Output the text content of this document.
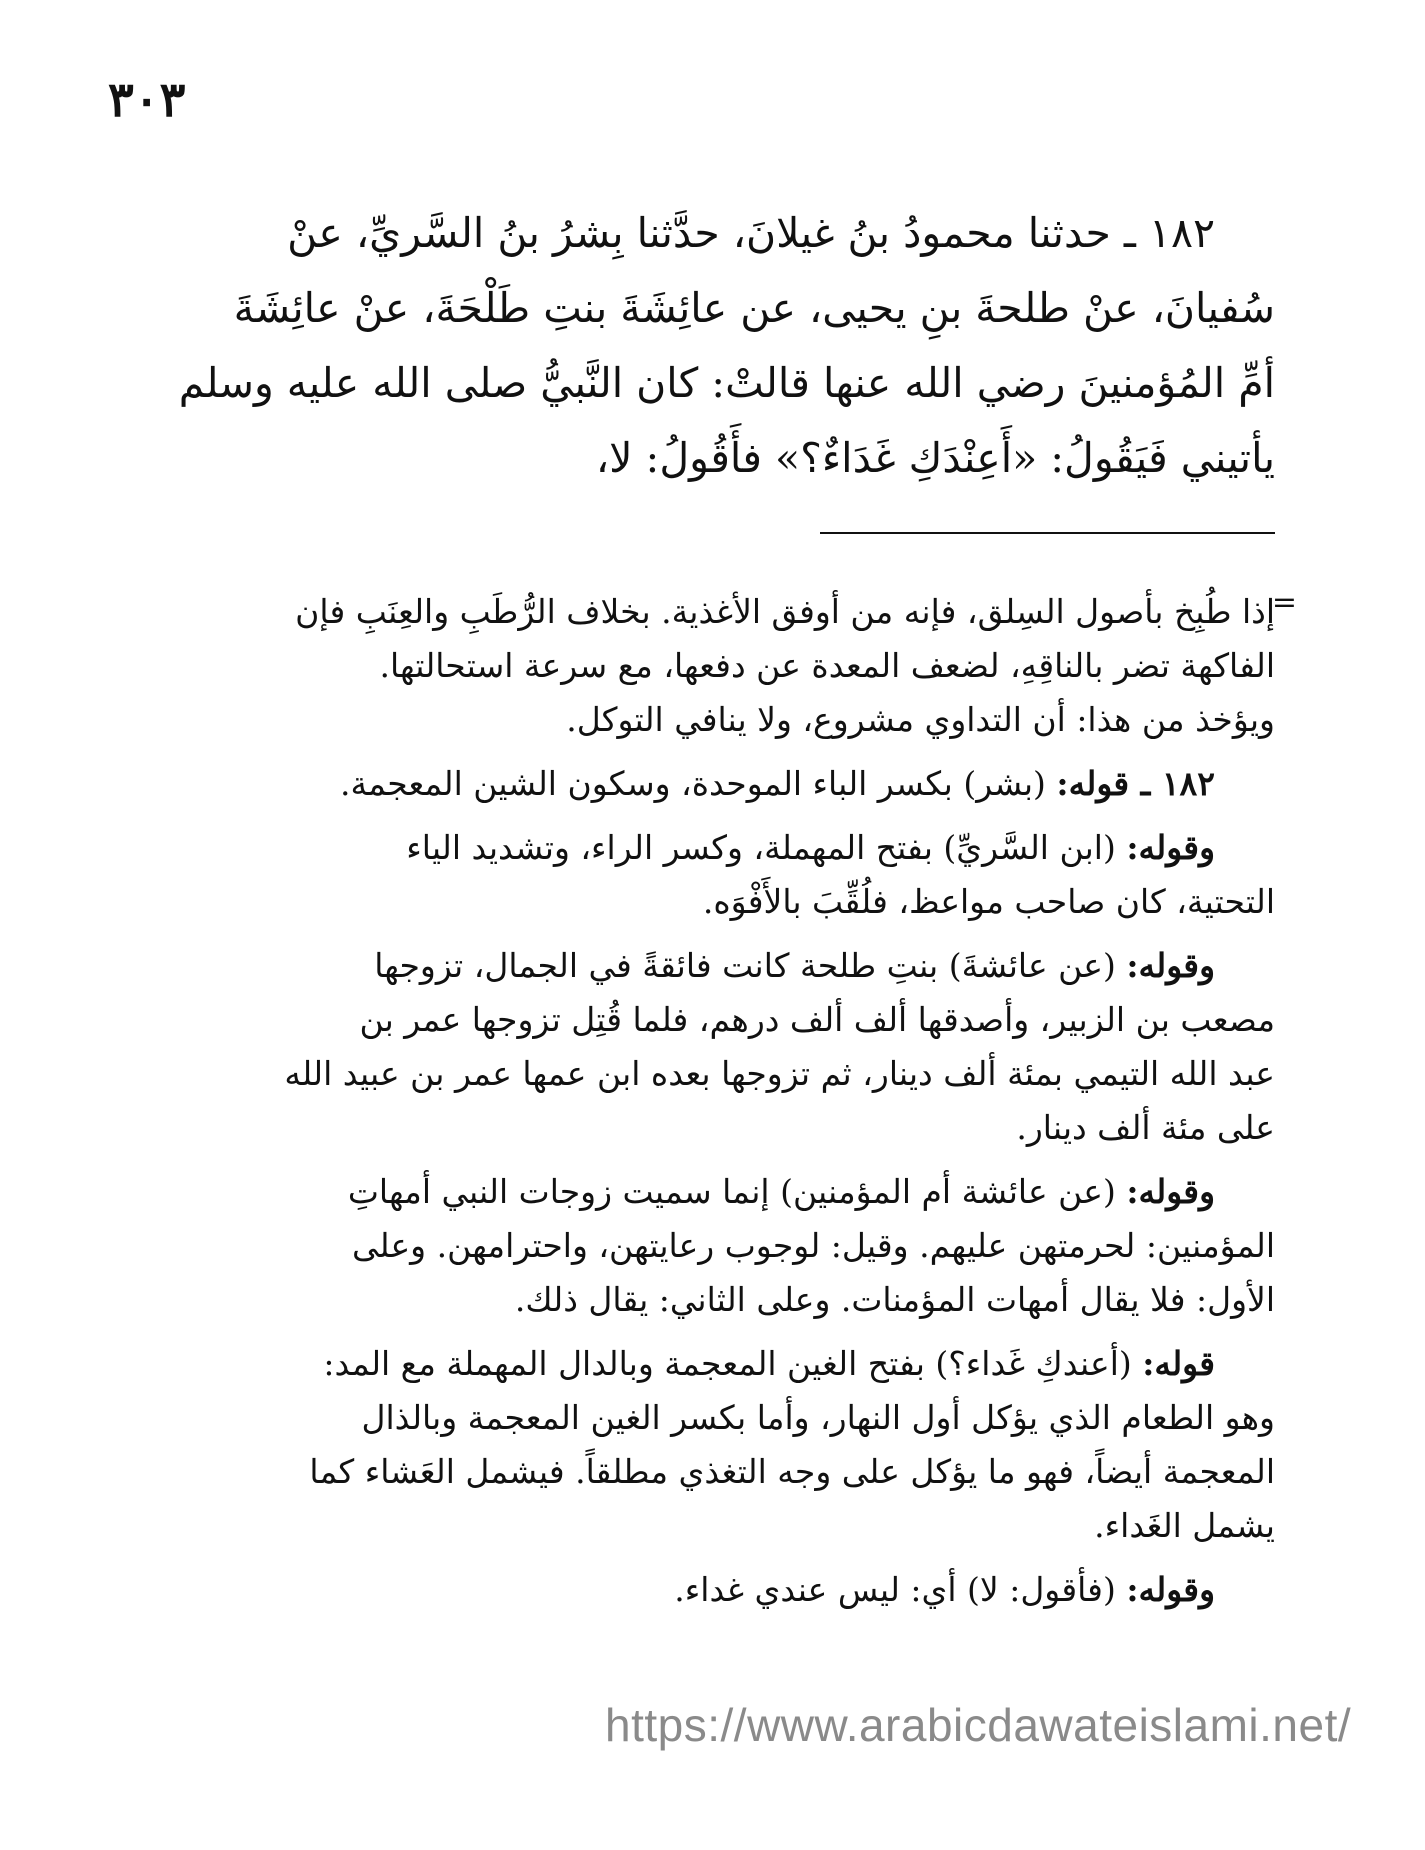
٣٠٣
١٨٢ ـ حدثنا محمودُ بنُ غيلانَ، حدَّثنا بِشرُ بنُ السَّريِّ، عنْ
سُفيانَ، عنْ طلحةَ بنِ يحيى، عن عائِشَةَ بنتِ طَلْحَةَ، عنْ عائِشَةَ
أمِّ المُؤمنينَ رضي الله عنها قالتْ: كان النَّبيُّ صلى الله عليه وسلم
يأتيني فَيَقُولُ: «أَعِنْدَكِ غَدَاءٌ؟» فأَقُولُ: لا،
=
إذا طُبِخ بأصول السِلق، فإنه من أوفق الأغذية. بخلاف الرُّطَبِ والعِنَبِ فإن
الفاكهة تضر بالناقِهِ، لضعف المعدة عن دفعها، مع سرعة استحالتها.
ويؤخذ من هذا: أن التداوي مشروع، ولا ينافي التوكل.
١٨٢ ـ قوله: (بشر) بكسر الباء الموحدة، وسكون الشين المعجمة.
وقوله: (ابن السَّريِّ) بفتح المهملة، وكسر الراء، وتشديد الياء
التحتية، كان صاحب مواعظ، فلُقِّبَ بالأَفْوَه.
وقوله: (عن عائشةَ) بنتِ طلحة كانت فائقةً في الجمال، تزوجها
مصعب بن الزبير، وأصدقها ألف ألف درهم، فلما قُتِل تزوجها عمر بن
عبد الله التيمي بمئة ألف دينار، ثم تزوجها بعده ابن عمها عمر بن عبيد الله
على مئة ألف دينار.
وقوله: (عن عائشة أم المؤمنين) إنما سميت زوجات النبي أمهاتِ
المؤمنين: لحرمتهن عليهم. وقيل: لوجوب رعايتهن، واحترامهن. وعلى
الأول: فلا يقال أمهات المؤمنات. وعلى الثاني: يقال ذلك.
قوله: (أعندكِ غَداء؟) بفتح الغين المعجمة وبالدال المهملة مع المد:
وهو الطعام الذي يؤكل أول النهار، وأما بكسر الغين المعجمة وبالذال
المعجمة أيضاً، فهو ما يؤكل على وجه التغذي مطلقاً. فيشمل العَشاء كما
يشمل الغَداء.
وقوله: (فأقول: لا) أي: ليس عندي غداء.
https://www.arabicdawateislami.net/
